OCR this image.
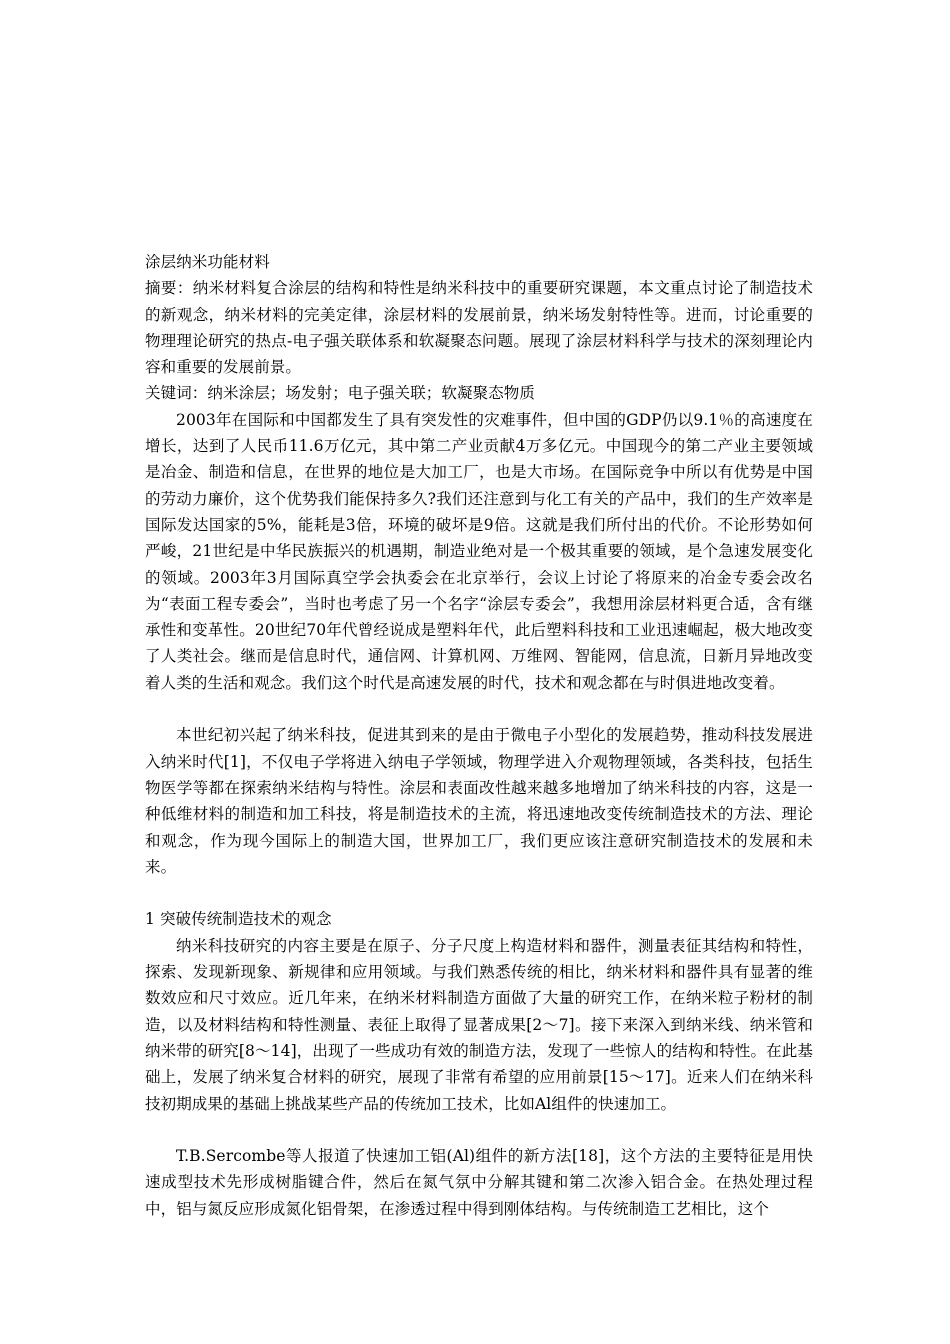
涂层纳米功能材料

摘要：纳米材料复合涂层的结构和特性是纳米科技中的重要研究课题，本文重点讨论了制造技术的新观念，纳米材料的完美定律，涂层材料的发展前景，纳米场发射特性等。进而，讨论重要的物理理论研究的热点-电子强关联体系和软凝聚态问题。展现了涂层材料科学与技术的深刻理论内容和重要的发展前景。

关键词：纳米涂层；场发射；电子强关联；软凝聚态物质

2003年在国际和中国都发生了具有突发性的灾难事件，但中国的GDP仍以9.1％的高速度在增长，达到了人民币11.6万亿元，其中第二产业贡献4万多亿元。中国现今的第二产业主要领域是冶金、制造和信息，在世界的地位是大加工厂，也是大市场。在国际竞争中所以有优势是中国的劳动力廉价，这个优势我们能保持多久?我们还注意到与化工有关的产品中，我们的生产效率是国际发达国家的5%，能耗是3倍，环境的破坏是9倍。这就是我们所付出的代价。不论形势如何严峻，21世纪是中华民族振兴的机遇期，制造业绝对是一个极其重要的领域，是个急速发展变化的领域。2003年3月国际真空学会执委会在北京举行，会议上讨论了将原来的冶金专委会改名为“表面工程专委会”，当时也考虑了另一个名字“涂层专委会”，我想用涂层材料更合适，含有继承性和变革性。20世纪70年代曾经说成是塑料年代，此后塑料科技和工业迅速崛起，极大地改变了人类社会。继而是信息时代，通信网、计算机网、万维网、智能网，信息流，日新月异地改变着人类的生活和观念。我们这个时代是高速发展的时代，技术和观念都在与时俱进地改变着。

本世纪初兴起了纳米科技，促进其到来的是由于微电子小型化的发展趋势，推动科技发展进入纳米时代[1]，不仅电子学将进入纳电子学领域，物理学进入介观物理领域，各类科技，包括生物医学等都在探索纳米结构与特性。涂层和表面改性越来越多地增加了纳米科技的内容，这是一种低维材料的制造和加工科技，将是制造技术的主流，将迅速地改变传统制造技术的方法、理论和观念，作为现今国际上的制造大国，世界加工厂，我们更应该注意研究制造技术的发展和未来。

1 突破传统制造技术的观念

纳米科技研究的内容主要是在原子、分子尺度上构造材料和器件，测量表征其结构和特性，探索、发现新现象、新规律和应用领域。与我们熟悉传统的相比，纳米材料和器件具有显著的维数效应和尺寸效应。近几年来，在纳米材料制造方面做了大量的研究工作，在纳米粒子粉材的制造，以及材料结构和特性测量、表征上取得了显著成果[2～7]。接下来深入到纳米线、纳米管和纳米带的研究[8～14]，出现了一些成功有效的制造方法，发现了一些惊人的结构和特性。在此基础上，发展了纳米复合材料的研究，展现了非常有希望的应用前景[15～17]。近来人们在纳米科技初期成果的基础上挑战某些产品的传统加工技术，比如Al组件的快速加工。

T.B.Sercombe等人报道了快速加工铝(Al)组件的新方法[18]，这个方法的主要特征是用快速成型技术先形成树脂键合件，然后在氮气氛中分解其键和第二次渗入铝合金。在热处理过程中，铝与氮反应形成氮化铝骨架，在渗透过程中得到刚体结构。与传统制造工艺相比，这个
